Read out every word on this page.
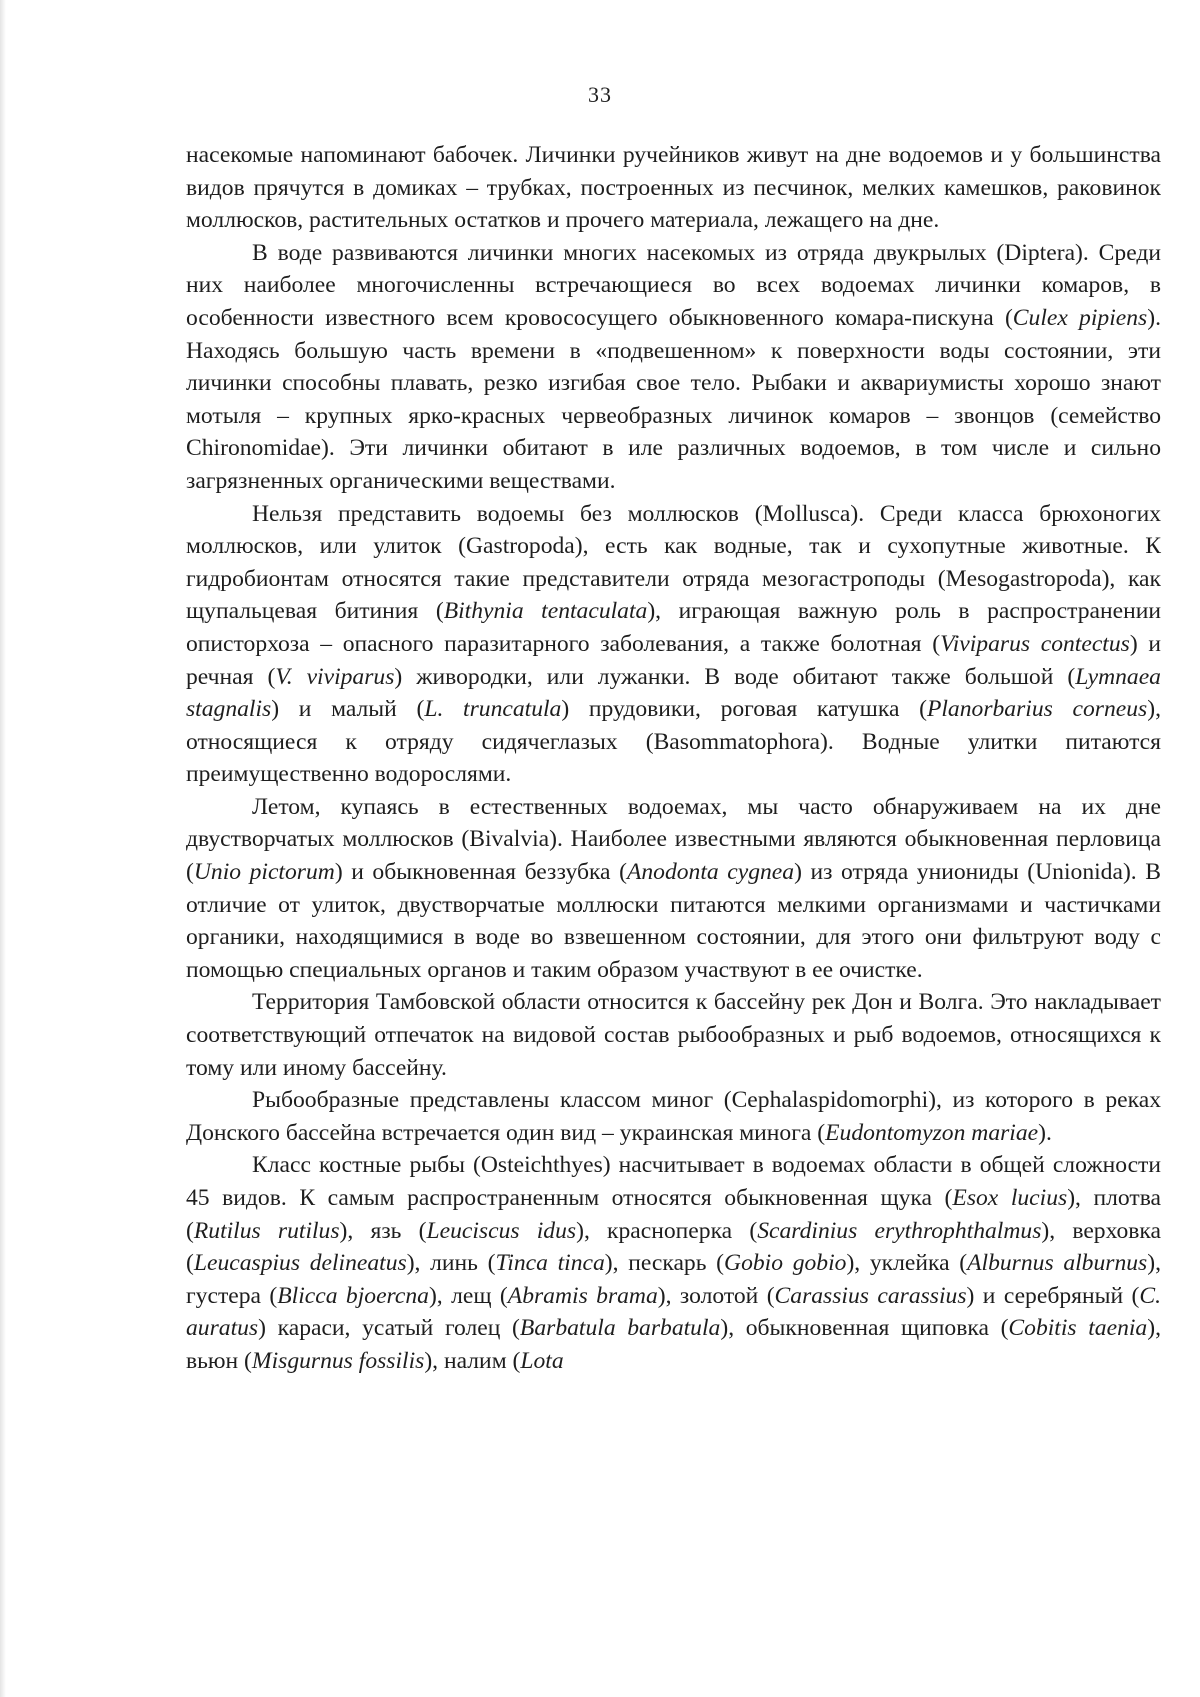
33

насекомые напоминают бабочек. Личинки ручейников живут на дне водоемов и у большинства видов прячутся в домиках – трубках, построенных из песчинок, мелких камешков, раковинок моллюсков, растительных остатков и прочего материала, лежащего на дне.

В воде развиваются личинки многих насекомых из отряда двукрылых (Diptera). Среди них наиболее многочисленны встречающиеся во всех водоемах личинки комаров, в особенности известного всем кровососущего обыкновенного комара-пискуна (Culex pipiens). Находясь большую часть времени в «подвешенном» к поверхности воды состоянии, эти личинки способны плавать, резко изгибая свое тело. Рыбаки и аквариумисты хорошо знают мотыля – крупных ярко-красных червеобразных личинок комаров – звонцов (семейство Chironomidae). Эти личинки обитают в иле различных водоемов, в том числе и сильно загрязненных органическими веществами.

Нельзя представить водоемы без моллюсков (Mollusca). Среди класса брюхоногих моллюсков, или улиток (Gastropoda), есть как водные, так и сухопутные животные. К гидробионтам относятся такие представители отряда мезогастроподы (Mesogastropoda), как щупальцевая битиния (Bithynia tentaculata), играющая важную роль в распространении описторхоза – опасного паразитарного заболевания, а также болотная (Viviparus contectus) и речная (V. viviparus) живородки, или лужанки. В воде обитают также большой (Lymnaea stagnalis) и малый (L. truncatula) прудовики, роговая катушка (Planorbarius corneus), относящиеся к отряду сидячеглазых (Basommatophora). Водные улитки питаются преимущественно водорослями.

Летом, купаясь в естественных водоемах, мы часто обнаруживаем на их дне двустворчатых моллюсков (Bivalvia). Наиболее известными являются обыкновенная перловица (Unio pictorum) и обыкновенная беззубка (Anodonta cygnea) из отряда униониды (Unionida). В отличие от улиток, двустворчатые моллюски питаются мелкими организмами и частичками органики, находящимися в воде во взвешенном состоянии, для этого они фильтруют воду с помощью специальных органов и таким образом участвуют в ее очистке.

Территория Тамбовской области относится к бассейну рек Дон и Волга. Это накладывает соответствующий отпечаток на видовой состав рыбообразных и рыб водоемов, относящихся к тому или иному бассейну.

Рыбообразные представлены классом миног (Cephalaspidomorphi), из которого в реках Донского бассейна встречается один вид – украинская минога (Eudontomyzon mariae).

Класс костные рыбы (Osteichthyes) насчитывает в водоемах области в общей сложности 45 видов. К самым распространенным относятся обыкновенная щука (Esox lucius), плотва (Rutilus rutilus), язь (Leuciscus idus), красноперка (Scardinius erythrophthalmus), верховка (Leucaspius delineatus), линь (Tinca tinca), пескарь (Gobio gobio), уклейка (Alburnus alburnus), густера (Blicca bjoercna), лещ (Abramis brama), золотой (Carassius carassius) и серебряный (C. auratus) караси, усатый голец (Barbatula barbatula), обыкновенная щиповка (Cobitis taenia), вьюн (Misgurnus fossilis), налим (Lota
